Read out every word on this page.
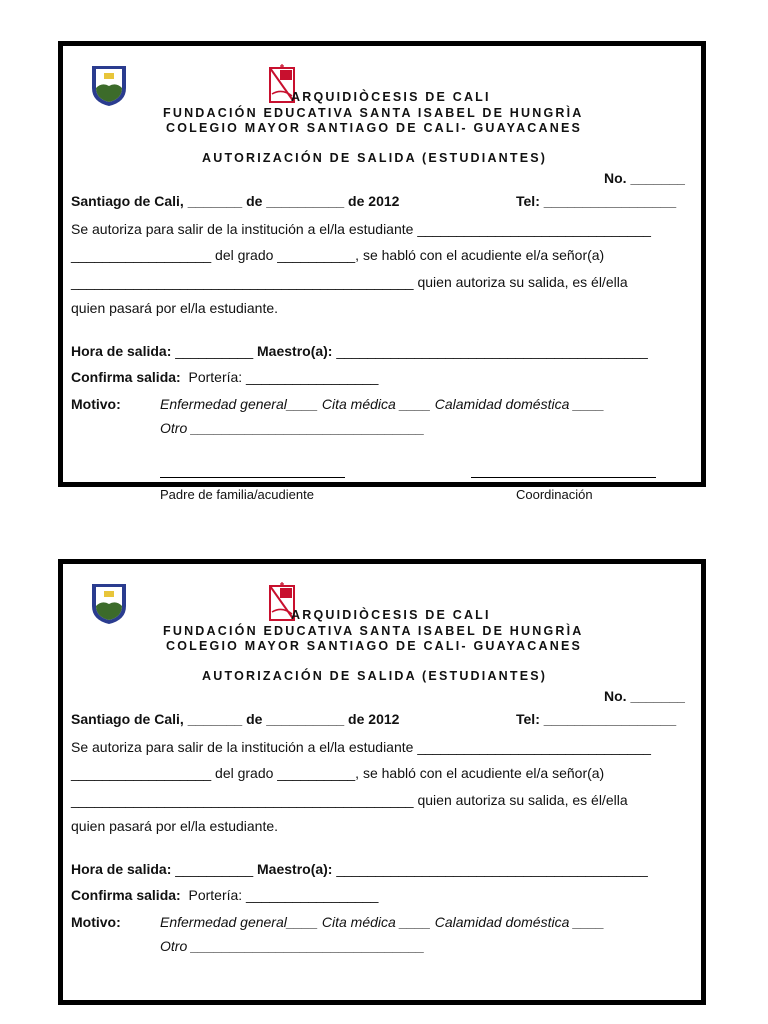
ARQUIDIÒCESIS DE CALI
FUNDACIÓN EDUCATIVA SANTA ISABEL DE HUNGRÌA
COLEGIO MAYOR SANTIAGO DE CALI- GUAYACANES
AUTORIZACIÓN DE SALIDA (ESTUDIANTES)
No. _______
Santiago de Cali, _______ de __________ de 2012	Tel: _________________
Se autoriza para salir de la institución a el/la estudiante ______________________________
__________________ del grado __________, se habló con el acudiente el/a señor(a)
____________________________________________ quien autoriza su salida, es él/ella
quien pasará por el/la estudiante.
Hora de salida: __________ Maestro(a): ________________________________________
Confirma salida:  Portería: _________________
Motivo:	Enfermedad general____ Cita médica ____ Calamidad doméstica ____
Otro ______________________________
Padre de familia/acudiente	Coordinación
ARQUIDIÒCESIS DE CALI
FUNDACIÓN EDUCATIVA SANTA ISABEL DE HUNGRÌA
COLEGIO MAYOR SANTIAGO DE CALI- GUAYACANES
AUTORIZACIÓN DE SALIDA (ESTUDIANTES)
No. _______
Santiago de Cali, _______ de __________ de 2012	Tel: _________________
Se autoriza para salir de la institución a el/la estudiante ______________________________
__________________ del grado __________, se habló con el acudiente el/a señor(a)
____________________________________________ quien autoriza su salida, es él/ella
quien pasará por el/la estudiante.
Hora de salida: __________ Maestro(a): ________________________________________
Confirma salida:  Portería: _________________
Motivo:	Enfermedad general____ Cita médica ____ Calamidad doméstica ____
Otro ______________________________
